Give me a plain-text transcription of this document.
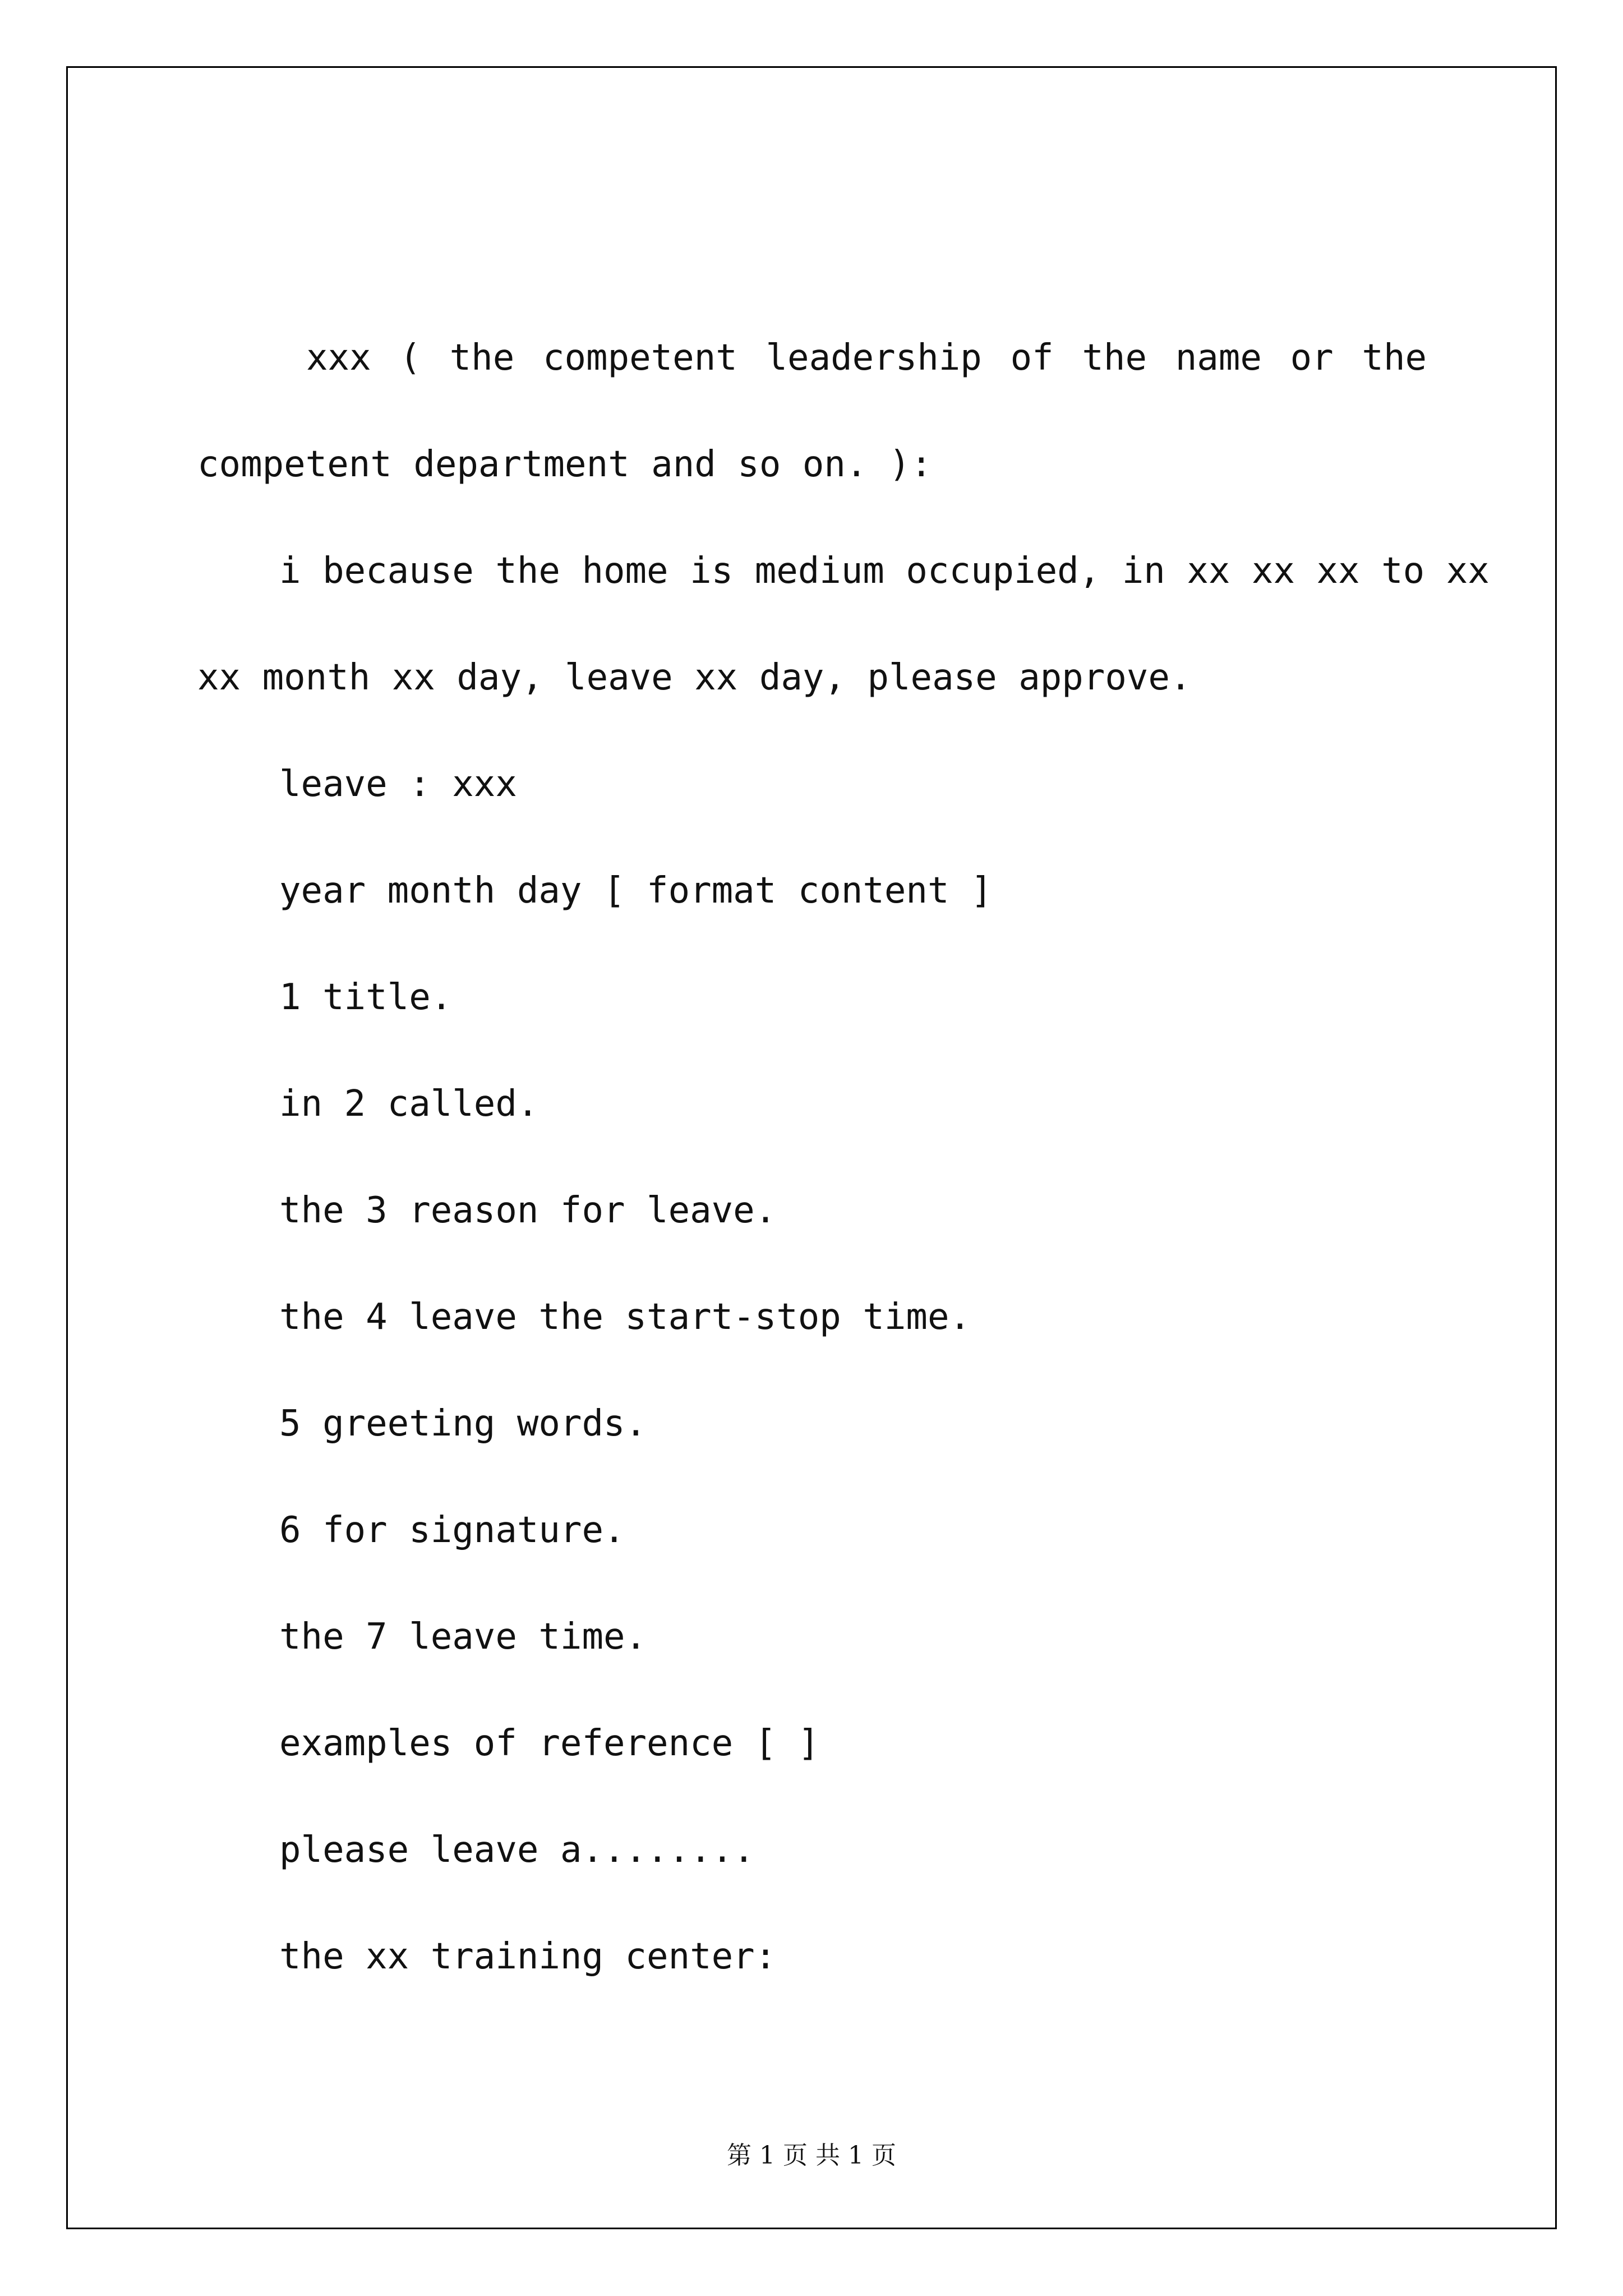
xxx ( the competent leadership of the name or the
competent department and so on. ):
i because the home is medium occupied, in xx xx xx to xx
xx month xx day, leave xx day, please approve.
leave : xxx
year month day [ format content ]
1 title.
in 2 called.
the 3 reason for leave.
the 4 leave the start-stop time.
5 greeting words.
6 for signature.
the 7 leave time.
examples of reference [ ]
please leave a........
the xx training center:
第 1 页 共 1 页
